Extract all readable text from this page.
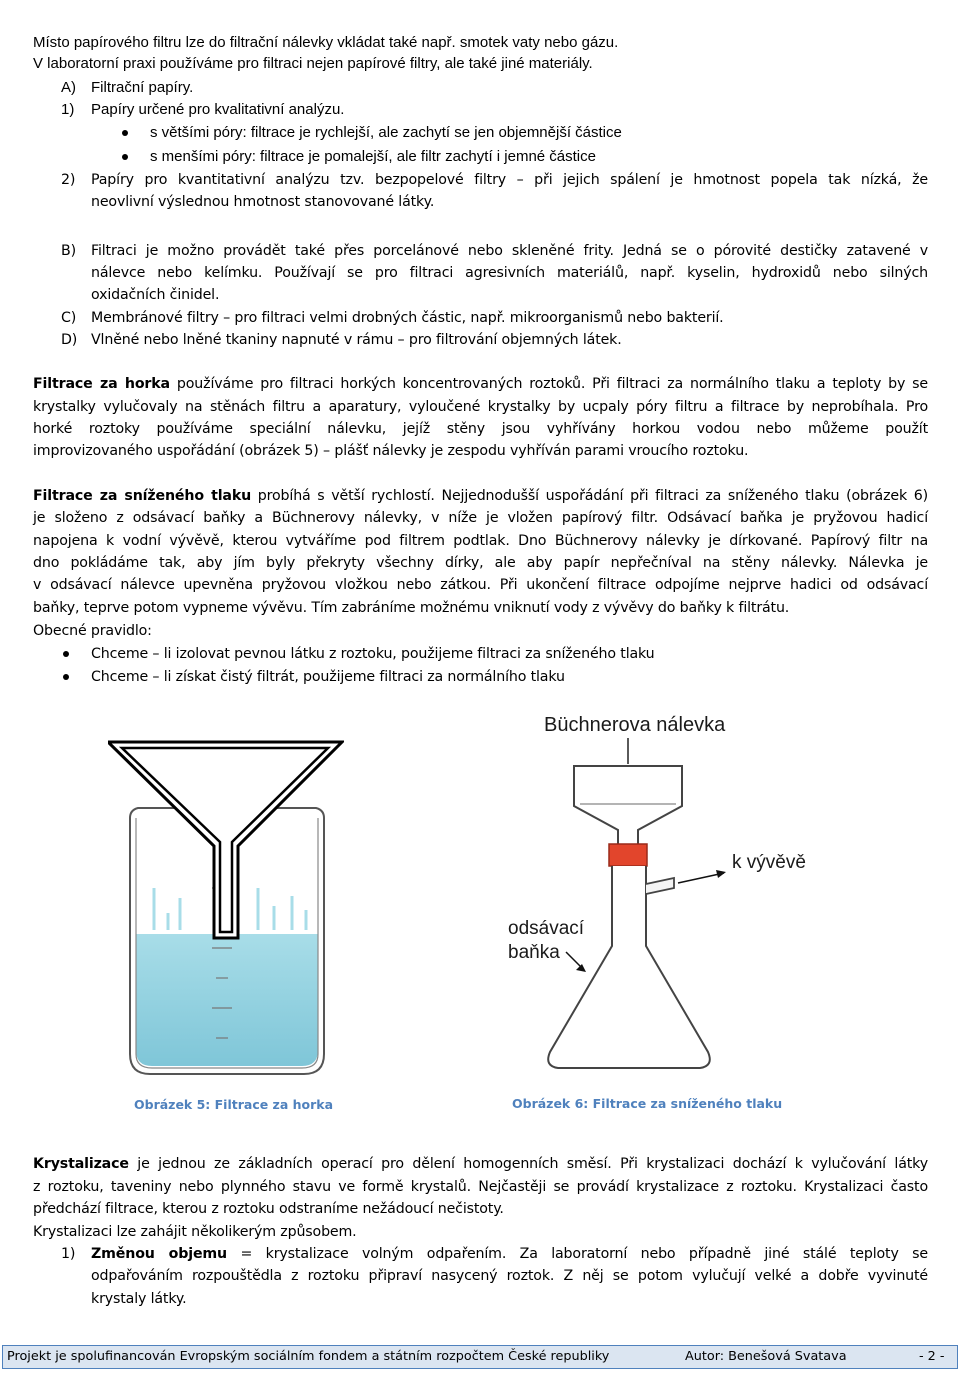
Místo papírového filtru lze do filtrační nálevky vkládat také např. smotek vaty nebo gázu.
V laboratorní praxi používáme pro filtraci nejen papírové filtry, ale také jiné materiály.
A) Filtrační papíry.
1) Papíry určené pro kvalitativní analýzu.
s většími póry: filtrace je rychlejší, ale zachytí se jen objemnější částice
s menšími póry: filtrace je pomalejší, ale filtr zachytí i jemné částice
2) Papíry pro kvantitativní analýzu tzv. bezpopelové filtry – při jejich spálení je hmotnost popela tak nízká, že
neovlivní výslednou hmotnost stanovované látky.
B) Filtraci je možno provádět také přes porcelánové nebo skleněné frity. Jedná se o pórovité destičky zatavené v
nálevce nebo kelímku. Používají se pro filtraci agresivních materiálů, např. kyselin, hydroxidů nebo silných
oxidačních činidel.
C) Membránové filtry – pro filtraci velmi drobných částic, např. mikroorganismů nebo bakterií.
D) Vlněné nebo lněné tkaniny napnuté v rámu – pro filtrování objemných látek.
Filtrace za horka používáme pro filtraci horkých koncentrovaných roztoků. Při filtraci za normálního tlaku a teploty by se
krystalky vylučovaly na stěnách filtru a aparatury, vyloučené krystalky by ucpaly póry filtru a filtrace by neprobíhala. Pro
horké roztoky používáme speciální nálevku, jejíž stěny jsou vyhřívány horkou vodou nebo můžeme použít
improvizovaného uspořádání (obrázek 5) – plášť nálevky je zespodu vyhříván parami vroucího roztoku.
Filtrace za sníženého tlaku probíhá s větší rychlostí. Nejjednodušší uspořádání při filtraci za sníženého tlaku (obrázek 6)
je složeno z odsávací baňky a Büchnerovy nálevky, v níže je vložen papírový filtr. Odsávací baňka je pryžovou hadicí
napojena k vodní vývěvě, kterou vytváříme pod filtrem podtlak. Dno Büchnerovy nálevky je dírkované. Papírový filtr na
dno pokládáme tak, aby jím byly překryty všechny dírky, ale aby papír nepřečníval na stěny nálevky. Nálevka je
v odsávací nálevce upevněna pryžovou vložkou nebo zátkou. Při ukončení filtrace odpojíme nejprve hadici od odsávací
baňky, teprve potom vypneme vývěvu. Tím zabráníme možnému vniknutí vody z vývěvy do baňky k filtrátu.
Obecné pravidlo:
Chceme – li izolovat pevnou látku z roztoku, použijeme filtraci za sníženého tlaku
Chceme – li získat čistý filtrát, použijeme filtraci za normálního tlaku
Obrázek 5: Filtrace za horka
Büchnerova nálevka
k vývěvě
odsávací
baňka
Obrázek 6: Filtrace za sníženého tlaku
Krystalizace je jednou ze základních operací pro dělení homogenních směsí. Při krystalizaci dochází k vylučování látky
z roztoku, taveniny nebo plynného stavu ve formě krystalů. Nejčastěji se provádí krystalizace z roztoku. Krystalizaci často
předchází filtrace, kterou z roztoku odstraníme nežádoucí nečistoty.
Krystalizaci lze zahájit několikerým způsobem.
1) Změnou objemu = krystalizace volným odpařením. Za laboratorní nebo případně jiné stálé teploty se
odpařováním rozpouštědla z roztoku připraví nasycený roztok. Z něj se potom vylučují velké a dobře vyvinuté
krystaly látky.
Projekt je spolufinancován Evropským sociálním fondem a státním rozpočtem České republiky	Autor: Benešová Svatava	- 2 -
